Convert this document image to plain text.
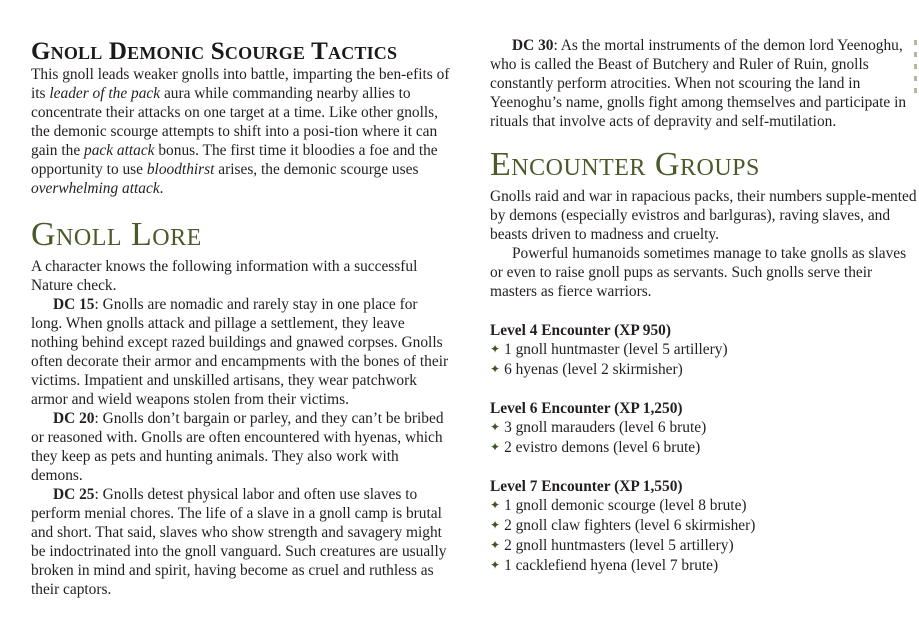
Gnoll Demonic Scourge Tactics

This gnoll leads weaker gnolls into battle, imparting the ben-efits of its leader of the pack aura while commanding nearby allies to concentrate their attacks on one target at a time. Like other gnolls, the demonic scourge attempts to shift into a posi-tion where it can gain the pack attack bonus. The first time it bloodies a foe and the opportunity to use bloodthirst arises, the demonic scourge uses overwhelming attack.

Gnoll Lore

A character knows the following information with a successful Nature check.

DC 15: Gnolls are nomadic and rarely stay in one place for long. When gnolls attack and pillage a settlement, they leave nothing behind except razed buildings and gnawed corpses. Gnolls often decorate their armor and encampments with the bones of their victims. Impatient and unskilled artisans, they wear patchwork armor and wield weapons stolen from their victims.

DC 20: Gnolls don’t bargain or parley, and they can’t be bribed or reasoned with. Gnolls are often encountered with hyenas, which they keep as pets and hunting animals. They also work with demons.

DC 25: Gnolls detest physical labor and often use slaves to perform menial chores. The life of a slave in a gnoll camp is brutal and short. That said, slaves who show strength and savagery might be indoctrinated into the gnoll vanguard. Such creatures are usually broken in mind and spirit, having become as cruel and ruthless as their captors.

DC 30: As the mortal instruments of the demon lord Yeenoghu, who is called the Beast of Butchery and Ruler of Ruin, gnolls constantly perform atrocities. When not scouring the land in Yeenoghu’s name, gnolls fight among themselves and participate in rituals that involve acts of depravity and self-mutilation.

Encounter Groups

Gnolls raid and war in rapacious packs, their numbers supple-mented by demons (especially evistros and barlguras), raving slaves, and beasts driven to madness and cruelty.

Powerful humanoids sometimes manage to take gnolls as slaves or even to raise gnoll pups as servants. Such gnolls serve their masters as fierce warriors.

Level 4 Encounter (XP 950)
✦ 1 gnoll huntmaster (level 5 artillery)
✦ 6 hyenas (level 2 skirmisher)
Level 6 Encounter (XP 1,250)
✦ 3 gnoll marauders (level 6 brute)
✦ 2 evistro demons (level 6 brute)
Level 7 Encounter (XP 1,550)
✦ 1 gnoll demonic scourge (level 8 brute)
✦ 2 gnoll claw fighters (level 6 skirmisher)
✦ 2 gnoll huntmasters (level 5 artillery)
✦ 1 cacklefiend hyena (level 7 brute)
